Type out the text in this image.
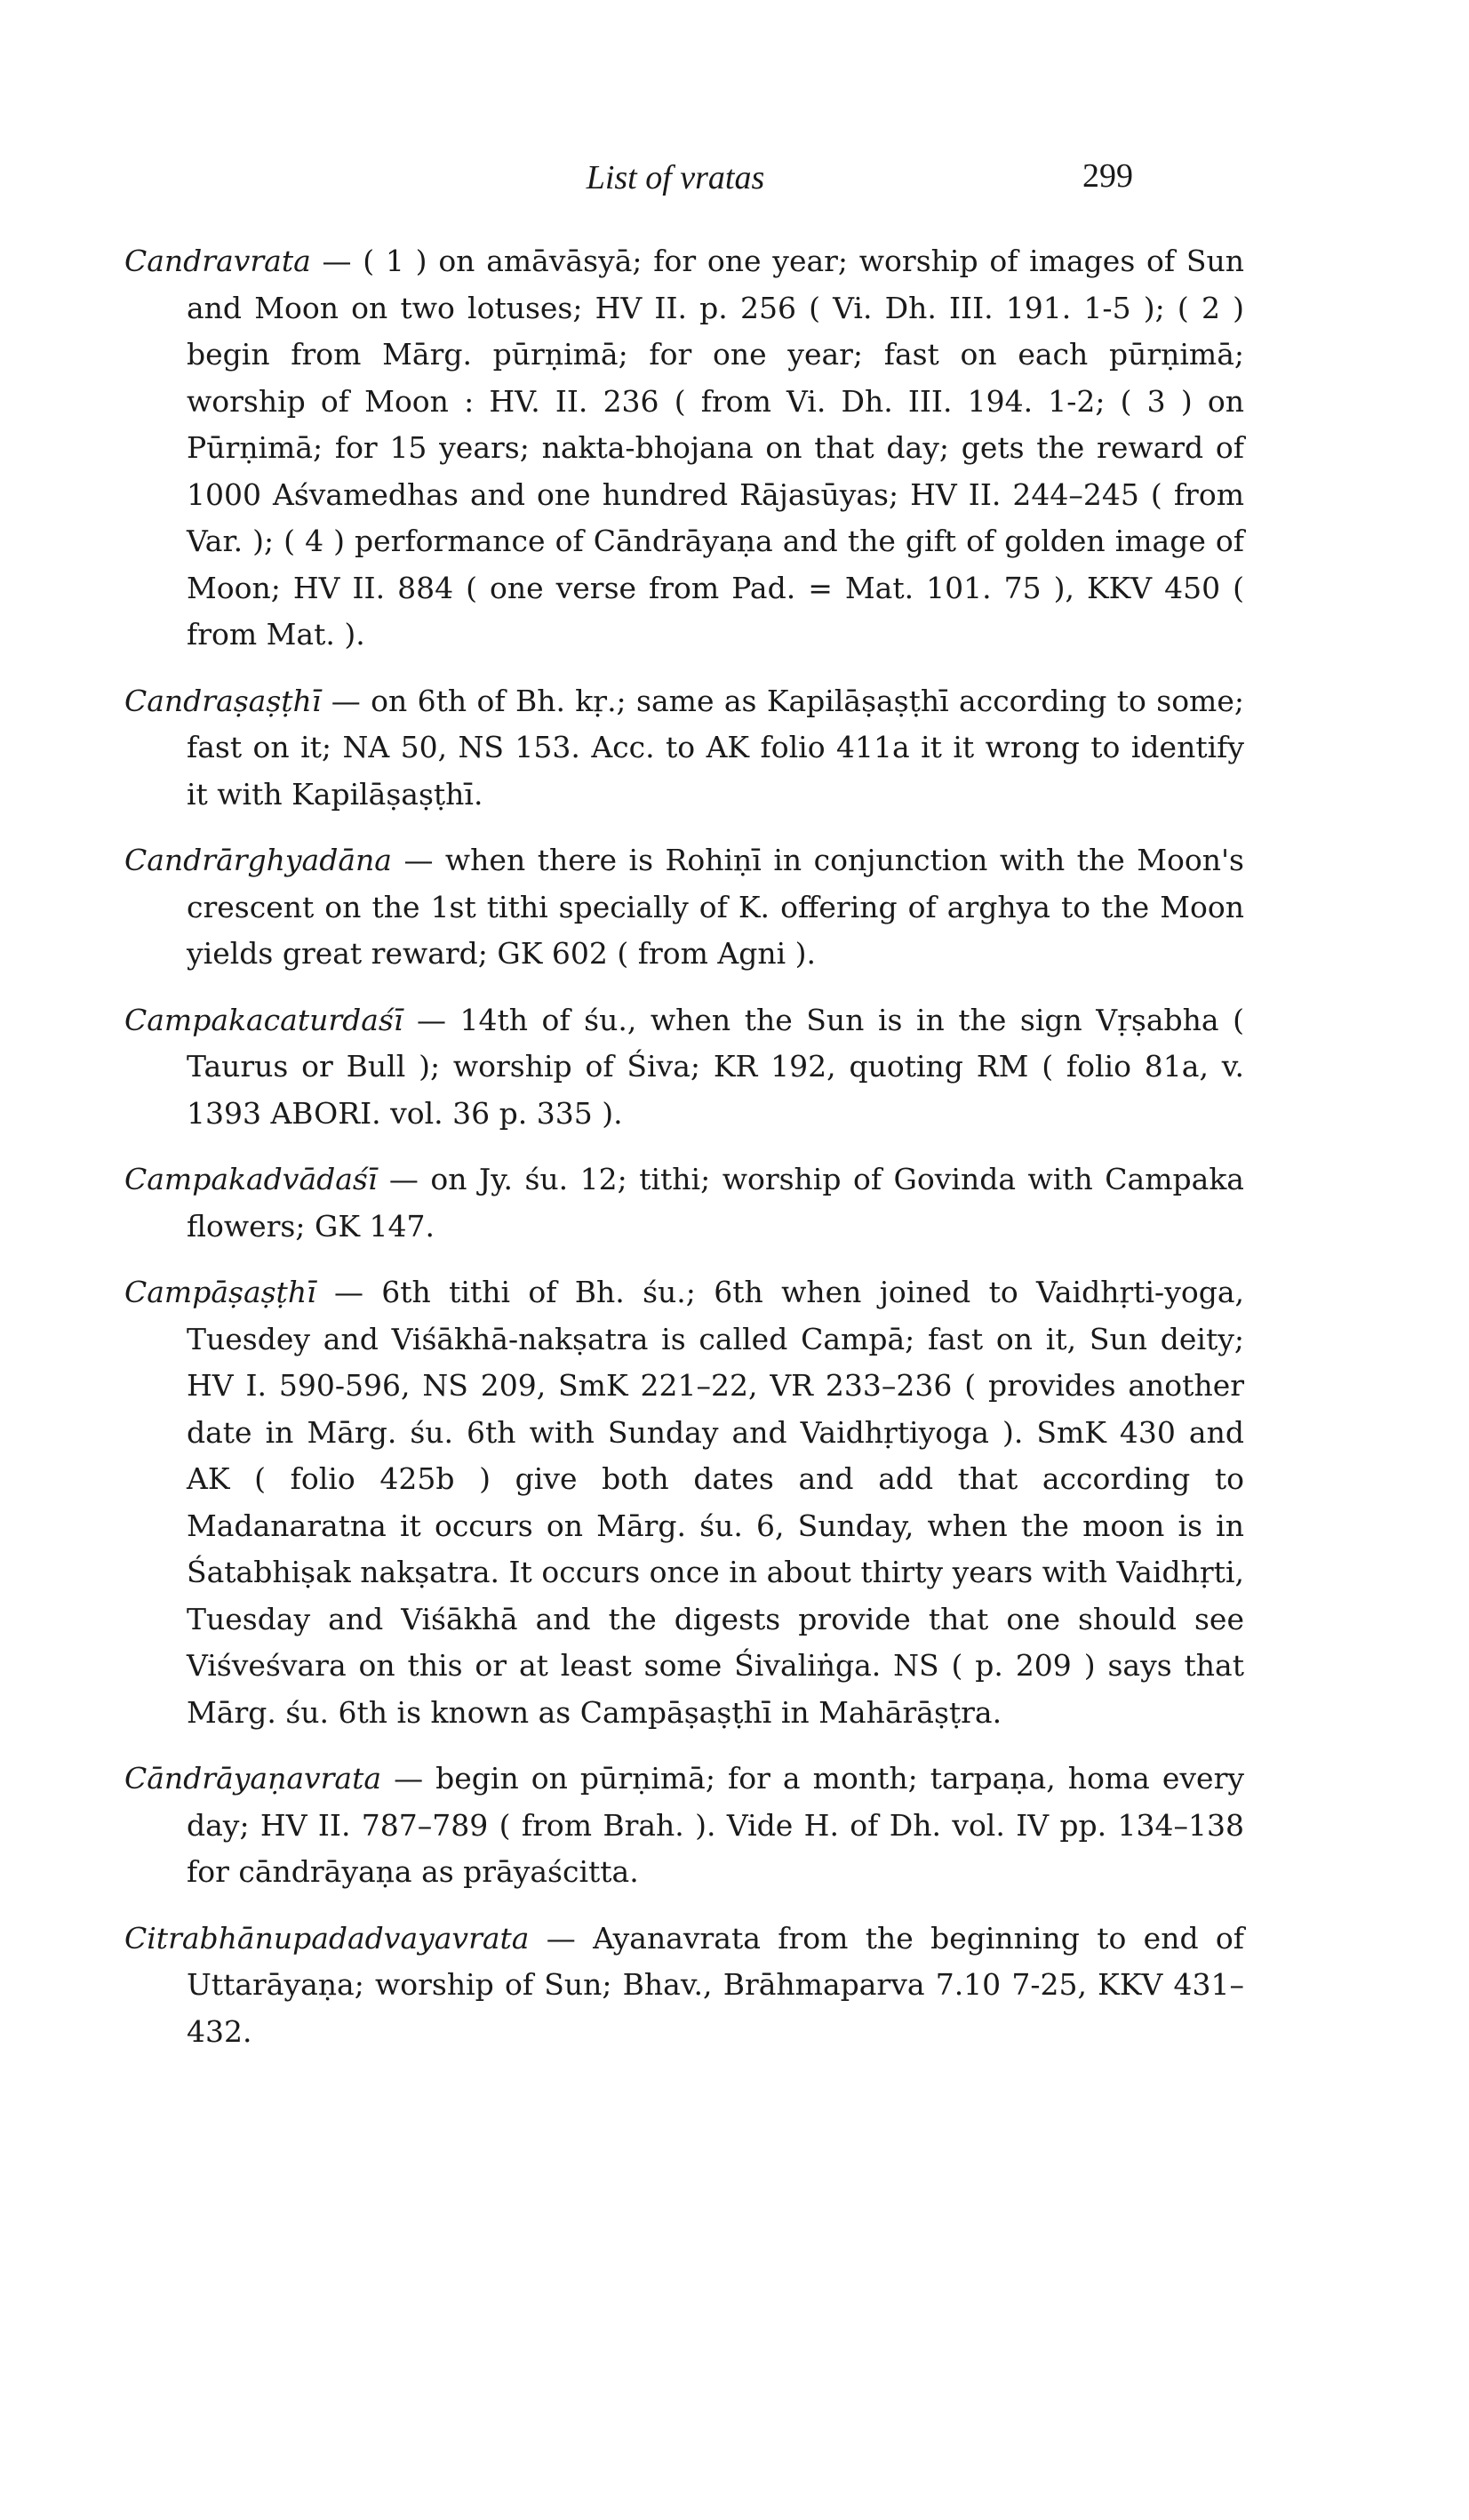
List of vratas	299

Candravrata — ( 1 ) on amāvāsyā; for one year; worship of images of Sun and Moon on two lotuses; HV II. p. 256 ( Vi. Dh. III. 191. 1-5 ); ( 2 ) begin from Mārg. pūrṇimā; for one year; fast on each pūrṇimā; worship of Moon : HV. II. 236 ( from Vi. Dh. III. 194. 1-2; ( 3 ) on Pūrṇimā; for 15 years; nakta-bhojana on that day; gets the reward of 1000 Aśvamedhas and one hundred Rājasūyas; HV II. 244–245 ( from Var. ); ( 4 ) performance of Cāndrāyaṇa and the gift of golden image of Moon; HV II. 884 ( one verse from Pad. = Mat. 101. 75 ), KKV 450 ( from Mat. ).

Candraṣaṣṭhī — on 6th of Bh. kṛ.; same as Kapilāṣaṣṭhī according to some; fast on it; NA 50, NS 153. Acc. to AK folio 411a it it wrong to identify it with Kapilāṣaṣṭhī.

Candrārghyadāna — when there is Rohiṇī in conjunction with the Moon's crescent on the 1st tithi specially of K. offering of arghya to the Moon yields great reward; GK 602 ( from Agni ).

Campakacaturdaśī — 14th of śu., when the Sun is in the sign Vṛṣabha ( Taurus or Bull ); worship of Śiva; KR 192, quoting RM ( folio 81a, v. 1393 ABORI. vol. 36 p. 335 ).

Campakadvādaśī — on Jy. śu. 12; tithi; worship of Govinda with Campaka flowers; GK 147.

Campāṣaṣṭhī — 6th tithi of Bh. śu.; 6th when joined to Vaidhṛti-yoga, Tuesdey and Viśākhā-nakṣatra is called Campā; fast on it, Sun deity; HV I. 590-596, NS 209, SmK 221–22, VR 233–236 ( provides another date in Mārg. śu. 6th with Sunday and Vaidhṛtiyoga ). SmK 430 and AK ( folio 425b ) give both dates and add that according to Madanaratna it occurs on Mārg. śu. 6, Sunday, when the moon is in Śatabhiṣak nakṣatra. It occurs once in about thirty years with Vaidhṛti, Tuesday and Viśākhā and the digests provide that one should see Viśveśvara on this or at least some Śivaliṅga. NS ( p. 209 ) says that Mārg. śu. 6th is known as Campāṣaṣṭhī in Mahārāṣṭra.

Cāndrāyaṇavrata — begin on pūrṇimā; for a month; tarpaṇa, homa every day; HV II. 787–789 ( from Brah. ). Vide H. of Dh. vol. IV pp. 134–138 for cāndrāyaṇa as prāyaścitta.

Citrabhānupadadvayavrata — Ayanavrata from the beginning to end of Uttarāyaṇa; worship of Sun; Bhav., Brāhmaparva 7.10 7-25, KKV 431–432.
